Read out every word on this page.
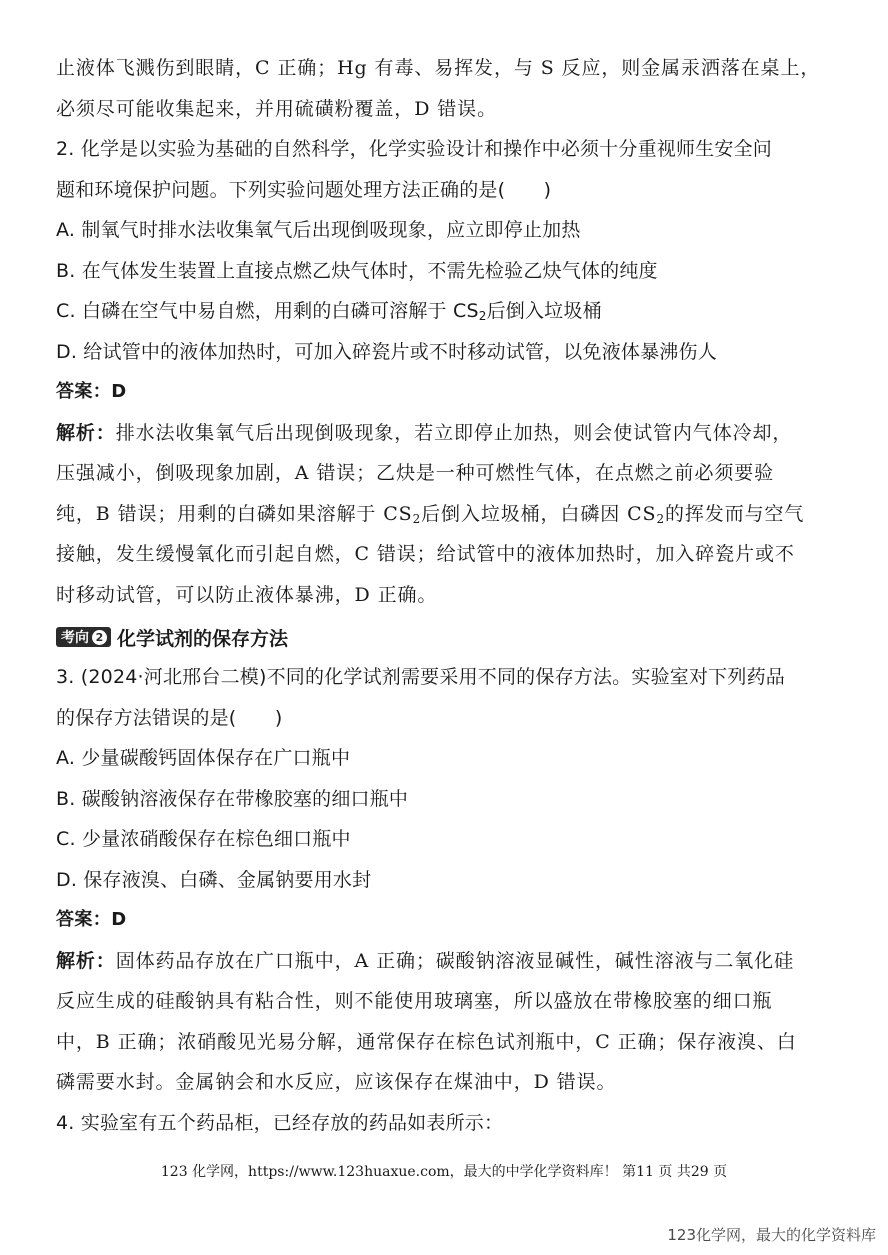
止液体飞溅伤到眼睛，C 正确；Hg 有毒、易挥发，与 S 反应，则金属汞洒落在桌上，
必须尽可能收集起来，并用硫磺粉覆盖，D 错误。
2. 化学是以实验为基础的自然科学，化学实验设计和操作中必须十分重视师生安全问
题和环境保护问题。下列实验问题处理方法正确的是(　　)
A. 制氧气时排水法收集氧气后出现倒吸现象，应立即停止加热
B. 在气体发生装置上直接点燃乙炔气体时，不需先检验乙炔气体的纯度
C. 白磷在空气中易自燃，用剩的白磷可溶解于 $CS_2$后倒入垃圾桶
D. 给试管中的液体加热时，可加入碎瓷片或不时移动试管，以免液体暴沸伤人
答案：D
解析：排水法收集氧气后出现倒吸现象，若立即停止加热，则会使试管内气体冷却，
压强减小，倒吸现象加剧，A 错误；乙炔是一种可燃性气体，在点燃之前必须要验
纯，B 错误；用剩的白磷如果溶解于 $CS_2$后倒入垃圾桶，白磷因 $CS_2$的挥发而与空气
接触，发生缓慢氧化而引起自燃，C 错误；给试管中的液体加热时，加入碎瓷片或不
时移动试管，可以防止液体暴沸，D 正确。
考向 2 化学试剂的保存方法
3. (2024·河北邢台二模)不同的化学试剂需要采用不同的保存方法。实验室对下列药品
的保存方法错误的是(　　)
A. 少量碳酸钙固体保存在广口瓶中
B. 碳酸钠溶液保存在带橡胶塞的细口瓶中
C. 少量浓硝酸保存在棕色细口瓶中
D. 保存液溴、白磷、金属钠要用水封
答案：D
解析：固体药品存放在广口瓶中，A 正确；碳酸钠溶液显碱性，碱性溶液与二氧化硅
反应生成的硅酸钠具有粘合性，则不能使用玻璃塞，所以盛放在带橡胶塞的细口瓶
中，B 正确；浓硝酸见光易分解，通常保存在棕色试剂瓶中，C 正确；保存液溴、白
磷需要水封。金属钠会和水反应，应该保存在煤油中，D 错误。
4. 实验室有五个药品柜，已经存放的药品如表所示：
123 化学网，https://www.123huaxue.com，最大的中学化学资料库！ 第11 页 共29 页
123化学网，最大的化学资料库
